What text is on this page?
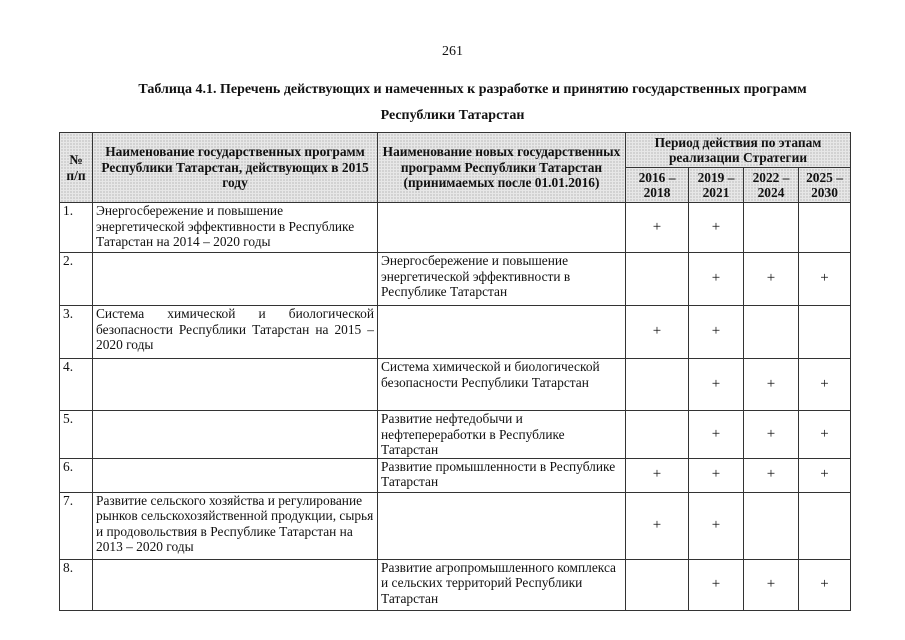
261
Таблица 4.1. Перечень действующих и намеченных к разработке и принятию государственных программ
Республики Татарстан
№ п/п	Наименование государственных программ Республики Татарстан, действующих в 2015 году	Наименование новых государственных программ Республики Татарстан (принимаемых после 01.01.2016)	Период действия по этапам реализации Стратегии			
			2016 – 2018	2019 – 2021	2022 – 2024	2025 – 2030
1.	Энергосбережение и повышение энергетической эффективности в Республике Татарстан на 2014 – 2020 годы		+	+		
2.		Энергосбережение и повышение энергетической эффективности в Республике Татарстан		+	+	+
3.	Система химической и биологической безопасности Республики Татарстан на 2015 – 2020 годы		+	+		
4.		Система химической и биологической безопасности Республики Татарстан		+	+	+
5.		Развитие нефтедобычи и нефтепереработки в Республике Татарстан		+	+	+
6.		Развитие промышленности в Республике Татарстан	+	+	+	+
7.	Развитие сельского хозяйства и регулирование рынков сельскохозяйственной продукции, сырья и продовольствия в Республике Татарстан на 2013 – 2020 годы		+	+		
8.		Развитие агропромышленного комплекса и сельских территорий Республики Татарстан		+	+	+
